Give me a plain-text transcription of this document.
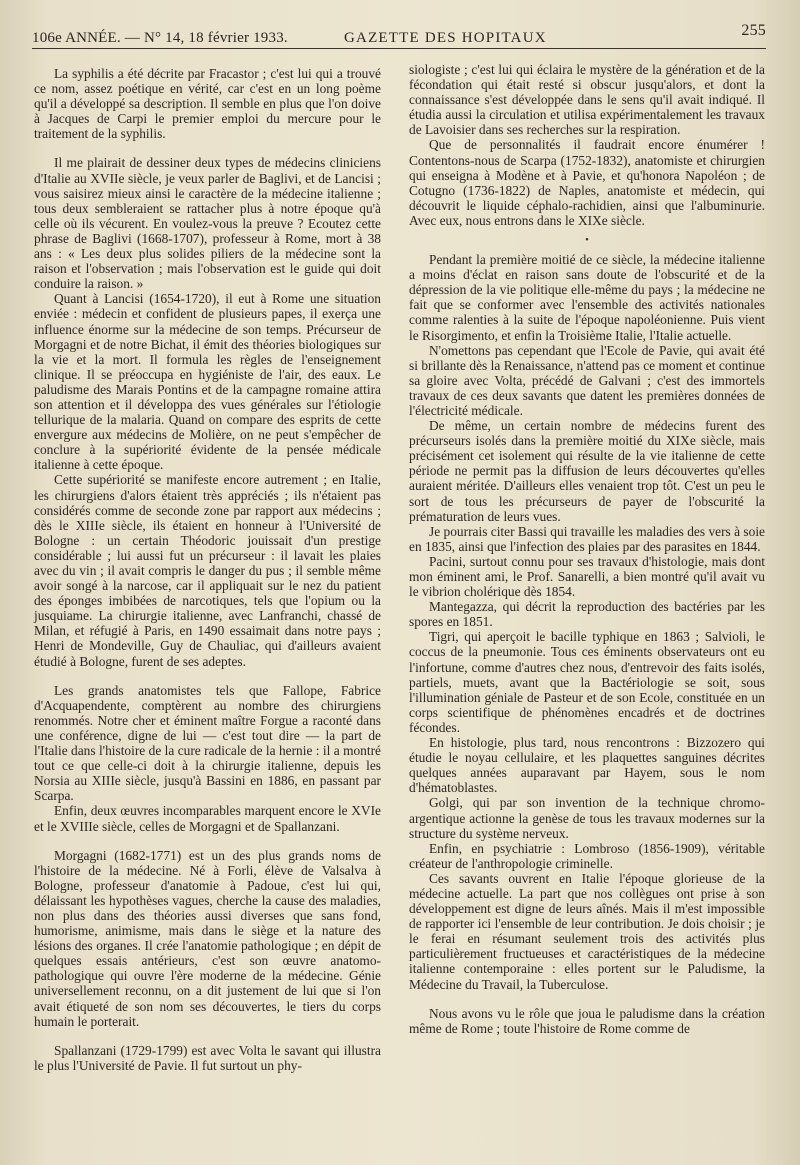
106e ANNÉE. — N° 14, 18 février 1933.	GAZETTE DES HOPITAUX	255

La syphilis a été décrite par Fracastor ; c'est lui qui a trouvé ce nom, assez poétique en vérité, car c'est en un long poème qu'il a développé sa description. Il semble en plus que l'on doive à Jacques de Carpi le premier emploi du mercure pour le traitement de la syphilis.

Il me plairait de dessiner deux types de médecins cliniciens d'Italie au XVIIe siècle, je veux parler de Baglivi, et de Lancisi ; vous saisirez mieux ainsi le caractère de la médecine italienne ; tous deux sembleraient se rattacher plus à notre époque qu'à celle où ils vécurent. En voulez-vous la preuve ? Ecoutez cette phrase de Baglivi (1668-1707), professeur à Rome, mort à 38 ans : « Les deux plus solides piliers de la médecine sont la raison et l'observation ; mais l'observation est le guide qui doit conduire la raison. »

Quant à Lancisi (1654-1720), il eut à Rome une situation enviée : médecin et confident de plusieurs papes, il exerça une influence énorme sur la médecine de son temps. Précurseur de Morgagni et de notre Bichat, il émit des théories biologiques sur la vie et la mort. Il formula les règles de l'enseignement clinique. Il se préoccupa en hygiéniste de l'air, des eaux. Le paludisme des Marais Pontins et de la campagne romaine attira son attention et il développa des vues générales sur l'étiologie tellurique de la malaria. Quand on compare des esprits de cette envergure aux médecins de Molière, on ne peut s'empêcher de conclure à la supériorité évidente de la pensée médicale italienne à cette époque.

Cette supériorité se manifeste encore autrement ; en Italie, les chirurgiens d'alors étaient très appréciés ; ils n'étaient pas considérés comme de seconde zone par rapport aux médecins ; dès le XIIIe siècle, ils étaient en honneur à l'Université de Bologne : un certain Théodoric jouissait d'un prestige considérable ; lui aussi fut un précurseur : il lavait les plaies avec du vin ; il avait compris le danger du pus ; il semble même avoir songé à la narcose, car il appliquait sur le nez du patient des éponges imbibées de narcotiques, tels que l'opium ou la jusquiame. La chirurgie italienne, avec Lanfranchi, chassé de Milan, et réfugié à Paris, en 1490 essaimait dans notre pays ; Henri de Mondeville, Guy de Chauliac, qui d'ailleurs avaient étudié à Bologne, furent de ses adeptes.

Les grands anatomistes tels que Fallope, Fabrice d'Acquapendente, comptèrent au nombre des chirurgiens renommés. Notre cher et éminent maître Forgue a raconté dans une conférence, digne de lui — c'est tout dire — la part de l'Italie dans l'histoire de la cure radicale de la hernie : il a montré tout ce que celle-ci doit à la chirurgie italienne, depuis les Norsia au XIIIe siècle, jusqu'à Bassini en 1886, en passant par Scarpa.

Enfin, deux œuvres incomparables marquent encore le XVIe et le XVIIIe siècle, celles de Morgagni et de Spallanzani.

Morgagni (1682-1771) est un des plus grands noms de l'histoire de la médecine. Né à Forli, élève de Valsalva à Bologne, professeur d'anatomie à Padoue, c'est lui qui, délaissant les hypothèses vagues, cherche la cause des maladies, non plus dans des théories aussi diverses que sans fond, humorisme, animisme, mais dans le siège et la nature des lésions des organes. Il crée l'anatomie pathologique ; en dépit de quelques essais antérieurs, c'est son œuvre anatomo-pathologique qui ouvre l'ère moderne de la médecine. Génie universellement reconnu, on a dit justement de lui que si l'on avait étiqueté de son nom ses découvertes, le tiers du corps humain le porterait.

Spallanzani (1729-1799) est avec Volta le savant qui illustra le plus l'Université de Pavie. Il fut surtout un phy-

siologiste ; c'est lui qui éclaira le mystère de la génération et de la fécondation qui était resté si obscur jusqu'alors, et dont la connaissance s'est développée dans le sens qu'il avait indiqué. Il étudia aussi la circulation et utilisa expérimentalement les travaux de Lavoisier dans ses recherches sur la respiration.

Que de personnalités il faudrait encore énumérer ! Contentons-nous de Scarpa (1752-1832), anatomiste et chirurgien qui enseigna à Modène et à Pavie, et qu'honora Napoléon ; de Cotugno (1736-1822) de Naples, anatomiste et médecin, qui découvrit le liquide céphalo-rachidien, ainsi que l'albuminurie. Avec eux, nous entrons dans le XIXe siècle.

•

Pendant la première moitié de ce siècle, la médecine italienne a moins d'éclat en raison sans doute de l'obscurité et de la dépression de la vie politique elle-même du pays ; la médecine ne fait que se conformer avec l'ensemble des activités nationales comme ralenties à la suite de l'époque napoléonienne. Puis vient le Risorgimento, et enfin la Troisième Italie, l'Italie actuelle.

N'omettons pas cependant que l'Ecole de Pavie, qui avait été si brillante dès la Renaissance, n'attend pas ce moment et continue sa gloire avec Volta, précédé de Galvani ; c'est des immortels travaux de ces deux savants que datent les premières données de l'électricité médicale.

De même, un certain nombre de médecins furent des précurseurs isolés dans la première moitié du XIXe siècle, mais précisément cet isolement qui résulte de la vie italienne de cette période ne permit pas la diffusion de leurs découvertes qu'elles auraient méritée. D'ailleurs elles venaient trop tôt. C'est un peu le sort de tous les précurseurs de payer de l'obscurité la prématuration de leurs vues.

Je pourrais citer Bassi qui travaille les maladies des vers à soie en 1835, ainsi que l'infection des plaies par des parasites en 1844.

Pacini, surtout connu pour ses travaux d'histologie, mais dont mon éminent ami, le Prof. Sanarelli, a bien montré qu'il avait vu le vibrion cholérique dès 1854.

Mantegazza, qui décrit la reproduction des bactéries par les spores en 1851.

Tigri, qui aperçoit le bacille typhique en 1863 ; Salvioli, le coccus de la pneumonie. Tous ces éminents observateurs ont eu l'infortune, comme d'autres chez nous, d'entrevoir des faits isolés, partiels, muets, avant que la Bactériologie se soit, sous l'illumination géniale de Pasteur et de son Ecole, constituée en un corps scientifique de phénomènes encadrés et de doctrines fécondes.

En histologie, plus tard, nous rencontrons : Bizzozero qui étudie le noyau cellulaire, et les plaquettes sanguines décrites quelques années auparavant par Hayem, sous le nom d'hématoblastes.

Golgi, qui par son invention de la technique chromo-argentique actionne la genèse de tous les travaux modernes sur la structure du système nerveux.

Enfin, en psychiatrie : Lombroso (1856-1909), véritable créateur de l'anthropologie criminelle.

Ces savants ouvrent en Italie l'époque glorieuse de la médecine actuelle. La part que nos collègues ont prise à son développement est digne de leurs aînés. Mais il m'est impossible de rapporter ici l'ensemble de leur contribution. Je dois choisir ; je le ferai en résumant seulement trois des activités plus particulièrement fructueuses et caractéristiques de la médecine italienne contemporaine : elles portent sur le Paludisme, la Médecine du Travail, la Tuberculose.

Nous avons vu le rôle que joua le paludisme dans la création même de Rome ; toute l'histoire de Rome comme de
